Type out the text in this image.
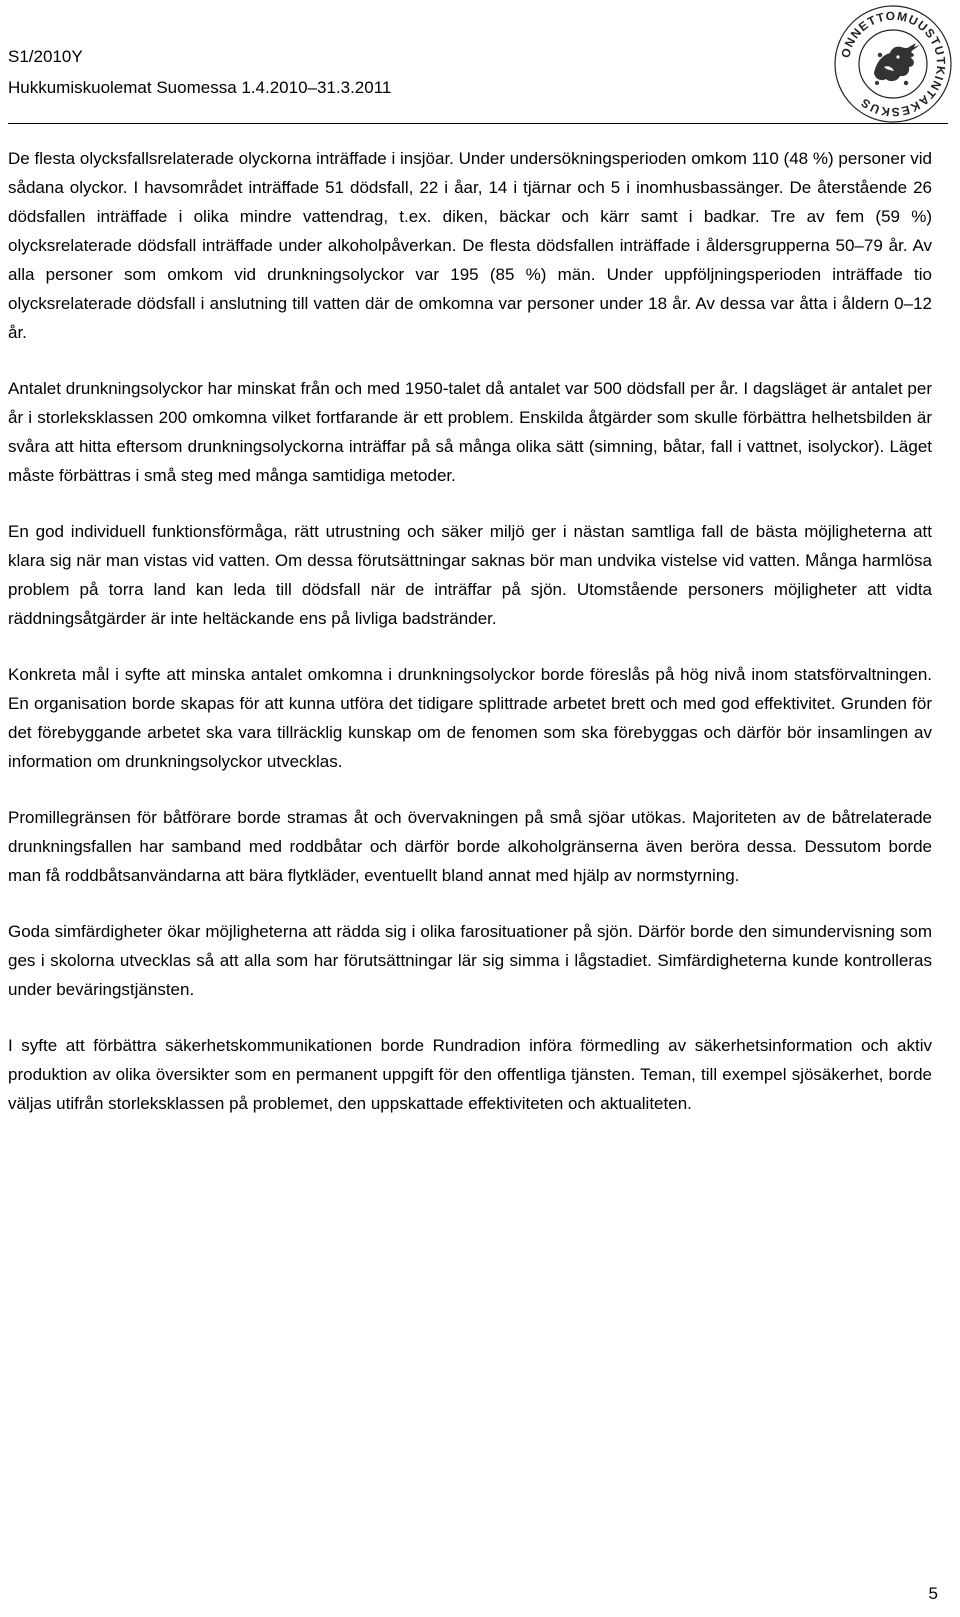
S1/2010Y

Hukkumiskuolemat Suomessa 1.4.2010–31.3.2011

ONNETTOMUUSTUTKINTAKESKUS

De flesta olycksfallsrelaterade olyckorna inträffade i insjöar. Under undersökningsperioden omkom 110 (48 %) personer vid sådana olyckor. I havsområdet inträffade 51 dödsfall, 22 i åar, 14 i tjärnar och 5 i inomhusbassänger. De återstående 26 dödsfallen inträffade i olika mindre vattendrag, t.ex. diken, bäckar och kärr samt i badkar. Tre av fem (59 %) olycksrelaterade dödsfall inträffade under alkoholpåverkan. De flesta dödsfallen inträffade i åldersgrupperna 50–79 år. Av alla personer som omkom vid drunkningsolyckor var 195 (85 %) män. Under uppföljningsperioden inträffade tio olycksrelaterade dödsfall i anslutning till vatten där de omkomna var personer under 18 år. Av dessa var åtta i åldern 0–12 år.

Antalet drunkningsolyckor har minskat från och med 1950-talet då antalet var 500 dödsfall per år. I dagsläget är antalet per år i storleksklassen 200 omkomna vilket fortfarande är ett problem. Enskilda åtgärder som skulle förbättra helhetsbilden är svåra att hitta eftersom drunkningsolyckorna inträffar på så många olika sätt (simning, båtar, fall i vattnet, isolyckor). Läget måste förbättras i små steg med många samtidiga metoder.

En god individuell funktionsförmåga, rätt utrustning och säker miljö ger i nästan samtliga fall de bästa möjligheterna att klara sig när man vistas vid vatten. Om dessa förutsättningar saknas bör man undvika vistelse vid vatten. Många harmlösa problem på torra land kan leda till dödsfall när de inträffar på sjön. Utomstående personers möjligheter att vidta räddningsåtgärder är inte heltäckande ens på livliga badstränder.

Konkreta mål i syfte att minska antalet omkomna i drunkningsolyckor borde föreslås på hög nivå inom statsförvaltningen. En organisation borde skapas för att kunna utföra det tidigare splittrade arbetet brett och med god effektivitet. Grunden för det förebyggande arbetet ska vara tillräcklig kunskap om de fenomen som ska förebyggas och därför bör insamlingen av information om drunkningsolyckor utvecklas.

Promillegränsen för båtförare borde stramas åt och övervakningen på små sjöar utökas. Majoriteten av de båtrelaterade drunkningsfallen har samband med roddbåtar och därför borde alkoholgränserna även beröra dessa. Dessutom borde man få roddbåtsanvändarna att bära flytkläder, eventuellt bland annat med hjälp av normstyrning.

Goda simfärdigheter ökar möjligheterna att rädda sig i olika farosituationer på sjön. Därför borde den simundervisning som ges i skolorna utvecklas så att alla som har förutsättningar lär sig simma i lågstadiet. Simfärdigheterna kunde kontrolleras under beväringstjänsten.

I syfte att förbättra säkerhetskommunikationen borde Rundradion införa förmedling av säkerhetsinformation och aktiv produktion av olika översikter som en permanent uppgift för den offentliga tjänsten. Teman, till exempel sjösäkerhet, borde väljas utifrån storleksklassen på problemet, den uppskattade effektiviteten och aktualiteten.

5
